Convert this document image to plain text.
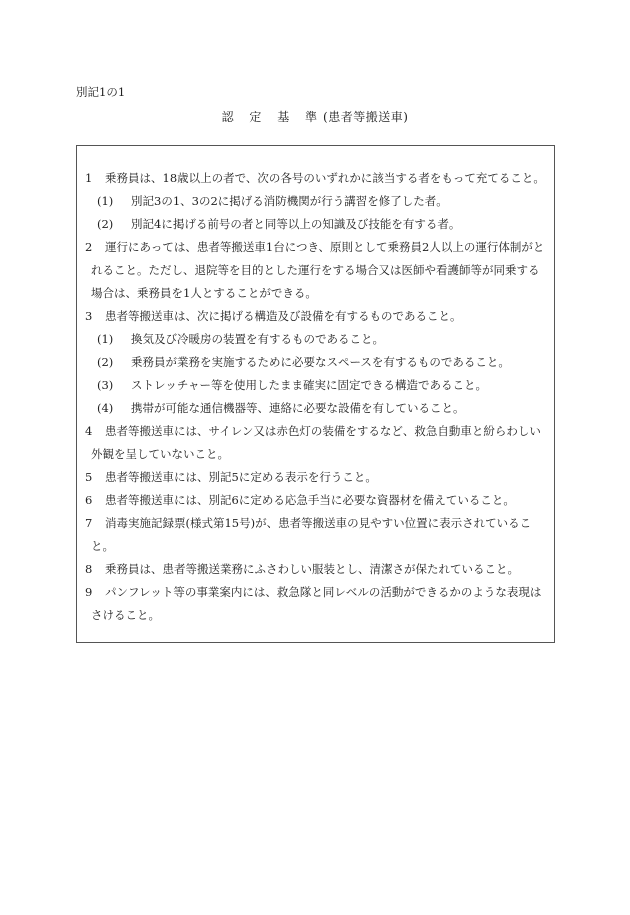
別記1の1
認 定 基 準(患者等搬送車)
1 乗務員は、18歳以上の者で、次の各号のいずれかに該当する者をもって充てること。
(1) 別記3の1、3の2に掲げる消防機関が行う講習を修了した者。
(2) 別記4に掲げる前号の者と同等以上の知識及び技能を有する者。
2 運行にあっては、患者等搬送車1台につき、原則として乗務員2人以上の運行体制がと
れること。ただし、退院等を目的とした運行をする場合又は医師や看護師等が同乗する
場合は、乗務員を1人とすることができる。
3 患者等搬送車は、次に掲げる構造及び設備を有するものであること。
(1) 換気及び冷暖房の装置を有するものであること。
(2) 乗務員が業務を実施するために必要なスペースを有するものであること。
(3) ストレッチャー等を使用したまま確実に固定できる構造であること。
(4) 携帯が可能な通信機器等、連絡に必要な設備を有していること。
4 患者等搬送車には、サイレン又は赤色灯の装備をするなど、救急自動車と紛らわしい
外観を呈していないこと。
5 患者等搬送車には、別記5に定める表示を行うこと。
6 患者等搬送車には、別記6に定める応急手当に必要な資器材を備えていること。
7 消毒実施記録票(様式第15号)が、患者等搬送車の見やすい位置に表示されているこ
と。
8 乗務員は、患者等搬送業務にふさわしい服装とし、清潔さが保たれていること。
9 パンフレット等の事業案内には、救急隊と同レベルの活動ができるかのような表現は
さけること。
